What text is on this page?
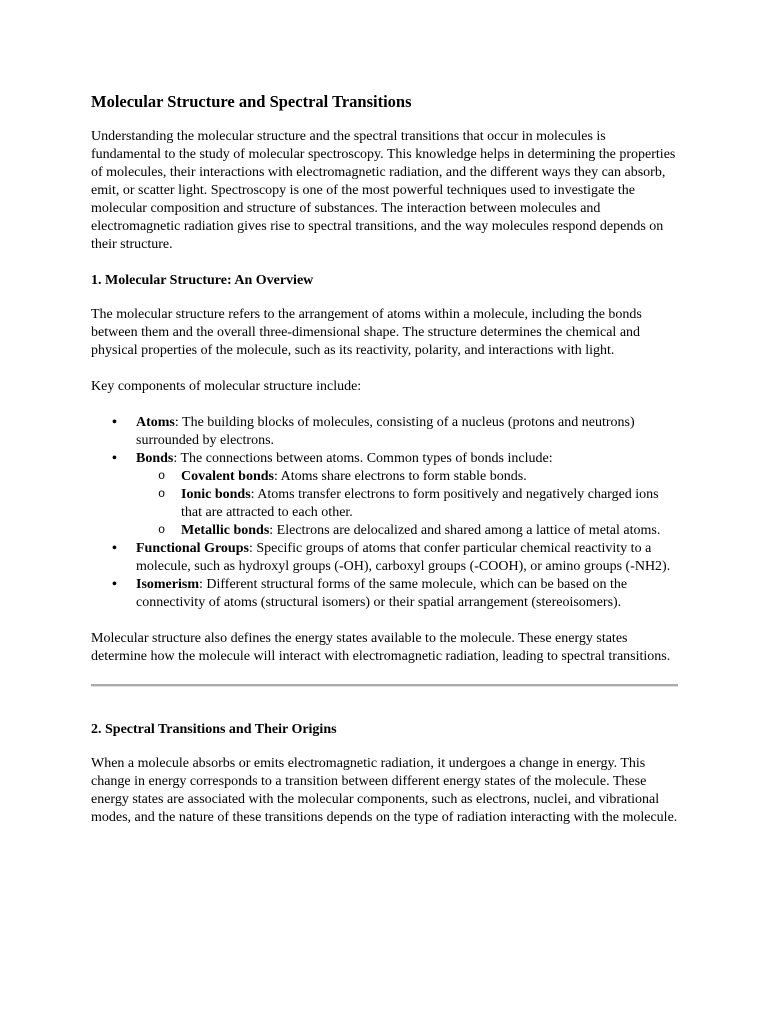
Molecular Structure and Spectral Transitions

Understanding the molecular structure and the spectral transitions that occur in molecules is fundamental to the study of molecular spectroscopy. This knowledge helps in determining the properties of molecules, their interactions with electromagnetic radiation, and the different ways they can absorb, emit, or scatter light. Spectroscopy is one of the most powerful techniques used to investigate the molecular composition and structure of substances. The interaction between molecules and electromagnetic radiation gives rise to spectral transitions, and the way molecules respond depends on their structure.

1. Molecular Structure: An Overview

The molecular structure refers to the arrangement of atoms within a molecule, including the bonds between them and the overall three-dimensional shape. The structure determines the chemical and physical properties of the molecule, such as its reactivity, polarity, and interactions with light.

Key components of molecular structure include:

• Atoms: The building blocks of molecules, consisting of a nucleus (protons and neutrons) surrounded by electrons.
• Bonds: The connections between atoms. Common types of bonds include:
o Covalent bonds: Atoms share electrons to form stable bonds.
o Ionic bonds: Atoms transfer electrons to form positively and negatively charged ions that are attracted to each other.
o Metallic bonds: Electrons are delocalized and shared among a lattice of metal atoms.
• Functional Groups: Specific groups of atoms that confer particular chemical reactivity to a molecule, such as hydroxyl groups (-OH), carboxyl groups (-COOH), or amino groups (-NH2).
• Isomerism: Different structural forms of the same molecule, which can be based on the connectivity of atoms (structural isomers) or their spatial arrangement (stereoisomers).

Molecular structure also defines the energy states available to the molecule. These energy states determine how the molecule will interact with electromagnetic radiation, leading to spectral transitions.

2. Spectral Transitions and Their Origins

When a molecule absorbs or emits electromagnetic radiation, it undergoes a change in energy. This change in energy corresponds to a transition between different energy states of the molecule. These energy states are associated with the molecular components, such as electrons, nuclei, and vibrational modes, and the nature of these transitions depends on the type of radiation interacting with the molecule.
